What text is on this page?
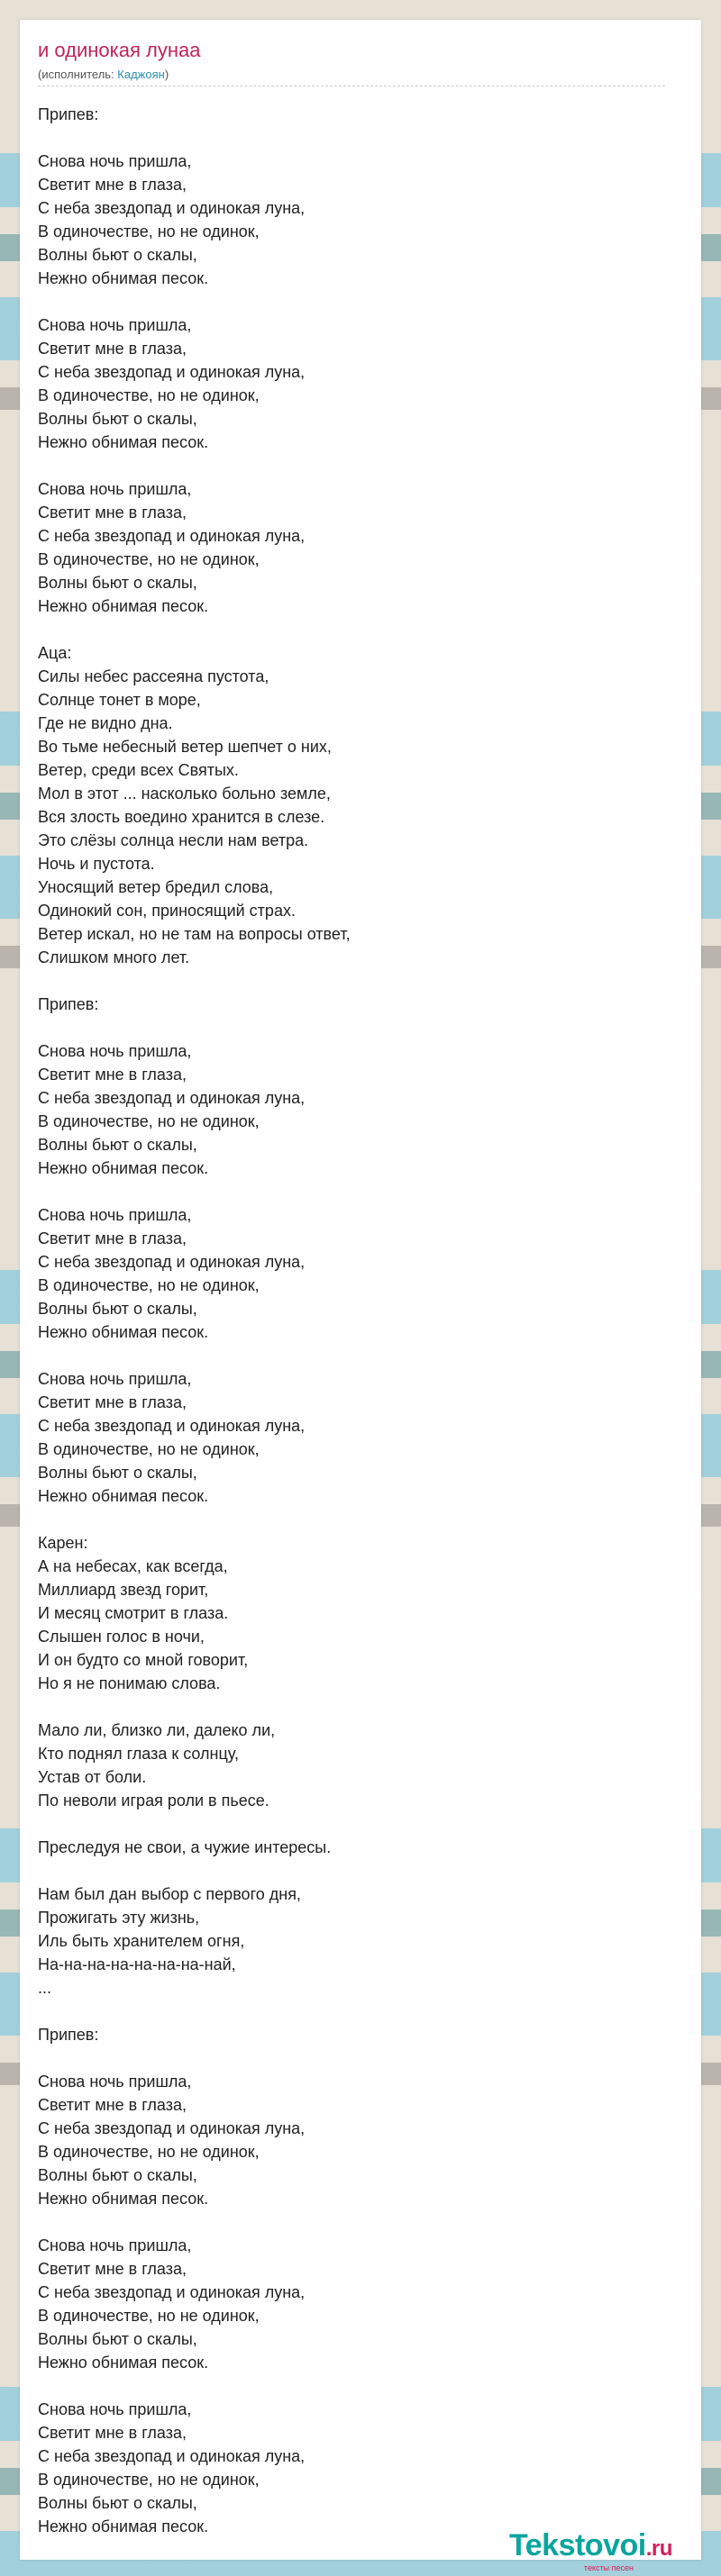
и одинокая лунаа
(исполнитель: Каджоян)

Припев:

Снова ночь пришла,
Светит мне в глаза,
С неба звездопад и одинокая луна,
В одиночестве, но не одинок,
Волны бьют о скалы,
Нежно обнимая песок.

Снова ночь пришла,
Светит мне в глаза,
С неба звездопад и одинокая луна,
В одиночестве, но не одинок,
Волны бьют о скалы,
Нежно обнимая песок.

Снова ночь пришла,
Светит мне в глаза,
С неба звездопад и одинокая луна,
В одиночестве, но не одинок,
Волны бьют о скалы,
Нежно обнимая песок.

Аца:
Силы небес рассеяна пустота,
Солнце тонет в море,
Где не видно дна.
Во тьме небесный ветер шепчет о них,
Ветер, среди всех Святых.
Мол в этот ... насколько больно земле,
Вся злость воедино хранится в слезе.
Это слёзы солнца несли нам ветра.
Ночь и пустота.
Уносящий ветер бредил слова,
Одинокий сон, приносящий страх.
Ветер искал, но не там на вопросы ответ,
Слишком много лет.

Припев:

Снова ночь пришла,
Светит мне в глаза,
С неба звездопад и одинокая луна,
В одиночестве, но не одинок,
Волны бьют о скалы,
Нежно обнимая песок.

Снова ночь пришла,
Светит мне в глаза,
С неба звездопад и одинокая луна,
В одиночестве, но не одинок,
Волны бьют о скалы,
Нежно обнимая песок.

Снова ночь пришла,
Светит мне в глаза,
С неба звездопад и одинокая луна,
В одиночестве, но не одинок,
Волны бьют о скалы,
Нежно обнимая песок.

Карен:
А на небесах, как всегда,
Миллиард звезд горит,
И месяц смотрит в глаза.
Слышен голос в ночи,
И он будто со мной говорит,
Но я не понимаю слова.

Мало ли, близко ли, далеко ли,
Кто поднял глаза к солнцу,
Устав от боли.
По неволи играя роли в пьесе.

Преследуя не свои, а чужие интересы.

Нам был дан выбор с первого дня,
Прожигать эту жизнь,
Иль быть хранителем огня,
На-на-на-на-на-на-на-най,
...

Припев:

Снова ночь пришла,
Светит мне в глаза,
С неба звездопад и одинокая луна,
В одиночестве, но не одинок,
Волны бьют о скалы,
Нежно обнимая песок.

Снова ночь пришла,
Светит мне в глаза,
С неба звездопад и одинокая луна,
В одиночестве, но не одинок,
Волны бьют о скалы,
Нежно обнимая песок.

Снова ночь пришла,
Светит мне в глаза,
С неба звездопад и одинокая луна,
В одиночестве, но не одинок,
Волны бьют о скалы,
Нежно обнимая песок.

Tekstovoi.ru
тексты песен
